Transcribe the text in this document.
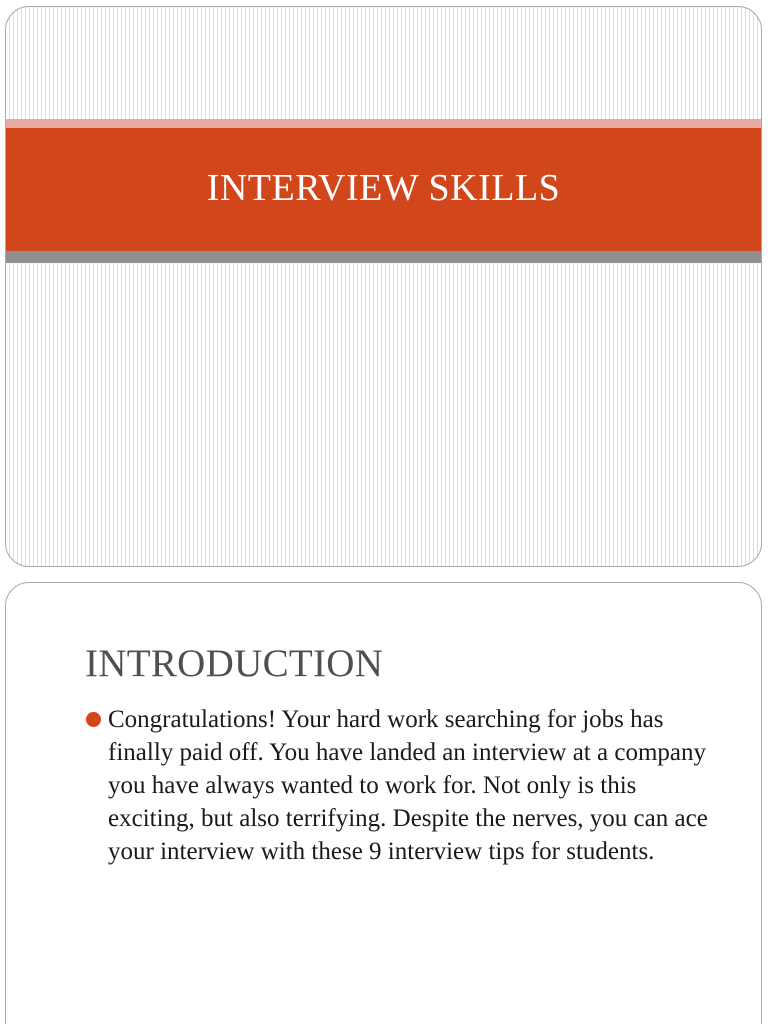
INTERVIEW SKILLS
INTRODUCTION

Congratulations! Your hard work searching for jobs has finally paid off. You have landed an interview at a company you have always wanted to work for. Not only is this exciting, but also terrifying. Despite the nerves, you can ace your interview with these 9 interview tips for students.
